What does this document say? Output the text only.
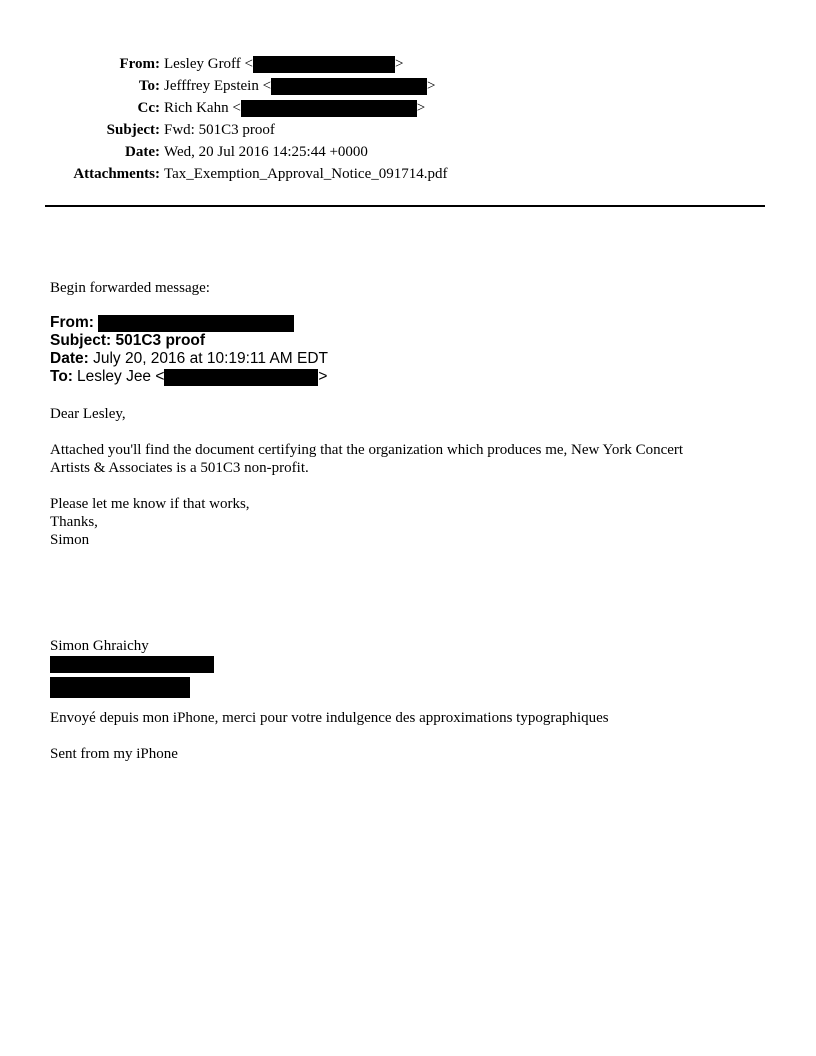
From: Lesley Groff <	>
To: Jefffrey Epstein <	>
Cc: Rich Kahn <	>
Subject: Fwd: 501C3 proof
Date: Wed, 20 Jul 2016 14:25:44 +0000
Attachments: Tax_Exemption_Approval_Notice_091714.pdf
Begin forwarded message:
From:
Subject: 501C3 proof
Date: July 20, 2016 at 10:19:11 AM EDT
To: Lesley Jee <	>
Dear Lesley,
Attached you'll find the document certifying that the organization which produces me, New York Concert
Artists & Associates is a 501C3 non-profit.
Please let me know if that works,
Thanks,
Simon
Simon Ghraichy
Envoyé depuis mon iPhone, merci pour votre indulgence des approximations typographiques
Sent from my iPhone
